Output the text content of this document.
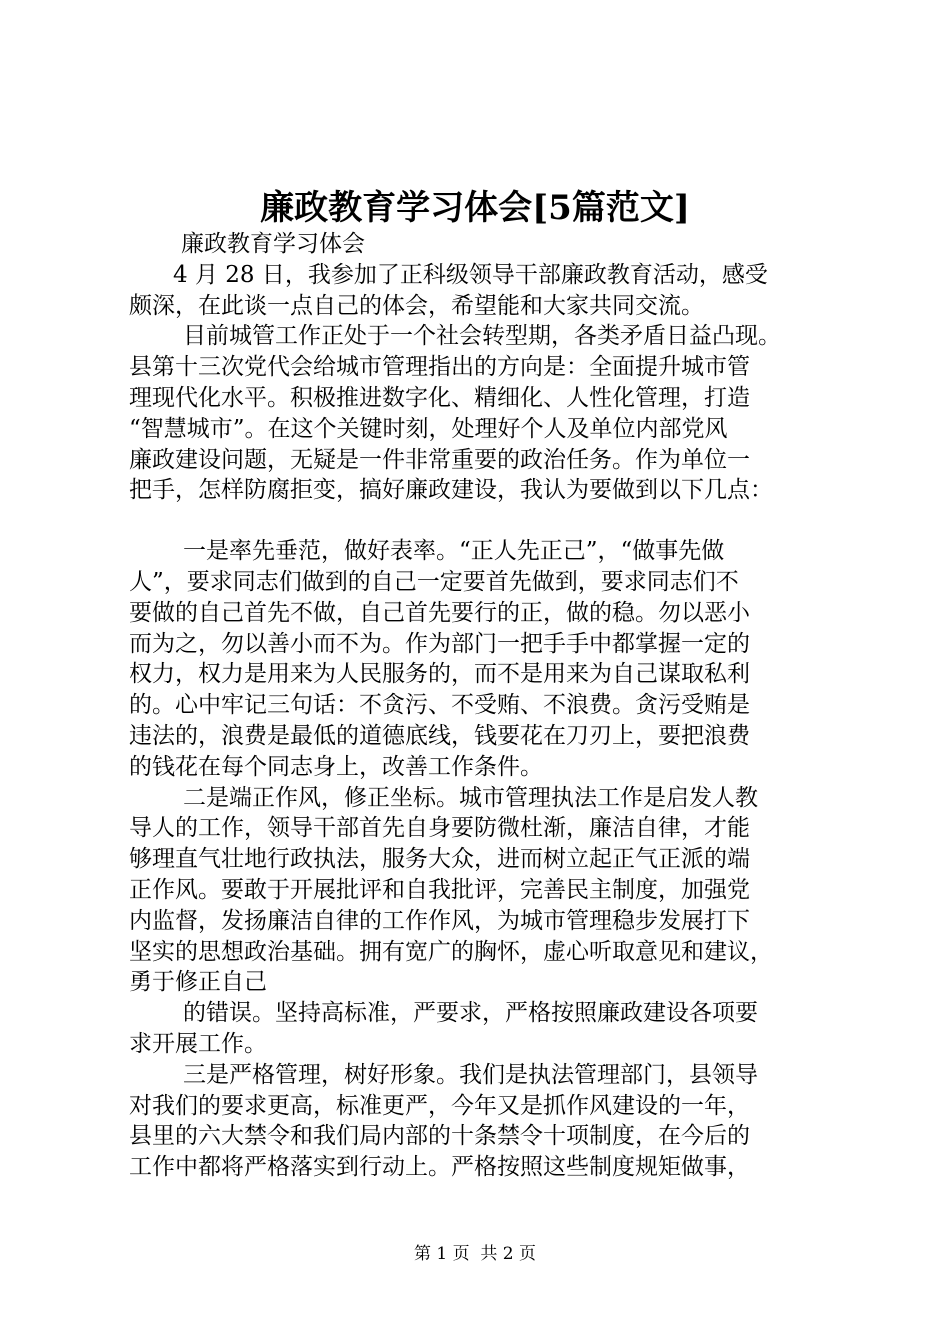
廉政教育学习体会[5篇范文]
廉政教育学习体会
4 月 28 日，我参加了正科级领导干部廉政教育活动，感受
颇深，在此谈一点自己的体会，希望能和大家共同交流。
目前城管工作正处于一个社会转型期，各类矛盾日益凸现。
县第十三次党代会给城市管理指出的方向是：全面提升城市管
理现代化水平。积极推进数字化、精细化、人性化管理，打造
“智慧城市”。在这个关键时刻，处理好个人及单位内部党风
廉政建设问题，无疑是一件非常重要的政治任务。作为单位一
把手，怎样防腐拒变，搞好廉政建设，我认为要做到以下几点：
一是率先垂范，做好表率。“正人先正己”，“做事先做
人”，要求同志们做到的自己一定要首先做到，要求同志们不
要做的自己首先不做，自己首先要行的正，做的稳。勿以恶小
而为之，勿以善小而不为。作为部门一把手手中都掌握一定的
权力，权力是用来为人民服务的，而不是用来为自己谋取私利
的。心中牢记三句话：不贪污、不受贿、不浪费。贪污受贿是
违法的，浪费是最低的道德底线，钱要花在刀刃上，要把浪费
的钱花在每个同志身上，改善工作条件。
二是端正作风，修正坐标。城市管理执法工作是启发人教
导人的工作，领导干部首先自身要防微杜渐，廉洁自律，才能
够理直气壮地行政执法，服务大众，进而树立起正气正派的端
正作风。要敢于开展批评和自我批评，完善民主制度，加强党
内监督，发扬廉洁自律的工作作风，为城市管理稳步发展打下
坚实的思想政治基础。拥有宽广的胸怀，虚心听取意见和建议，
勇于修正自己
的错误。坚持高标准，严要求，严格按照廉政建设各项要
求开展工作。
三是严格管理，树好形象。我们是执法管理部门，县领导
对我们的要求更高，标准更严，今年又是抓作风建设的一年，
县里的六大禁令和我们局内部的十条禁令十项制度，在今后的
工作中都将严格落实到行动上。严格按照这些制度规矩做事，
第 1 页  共 2 页
